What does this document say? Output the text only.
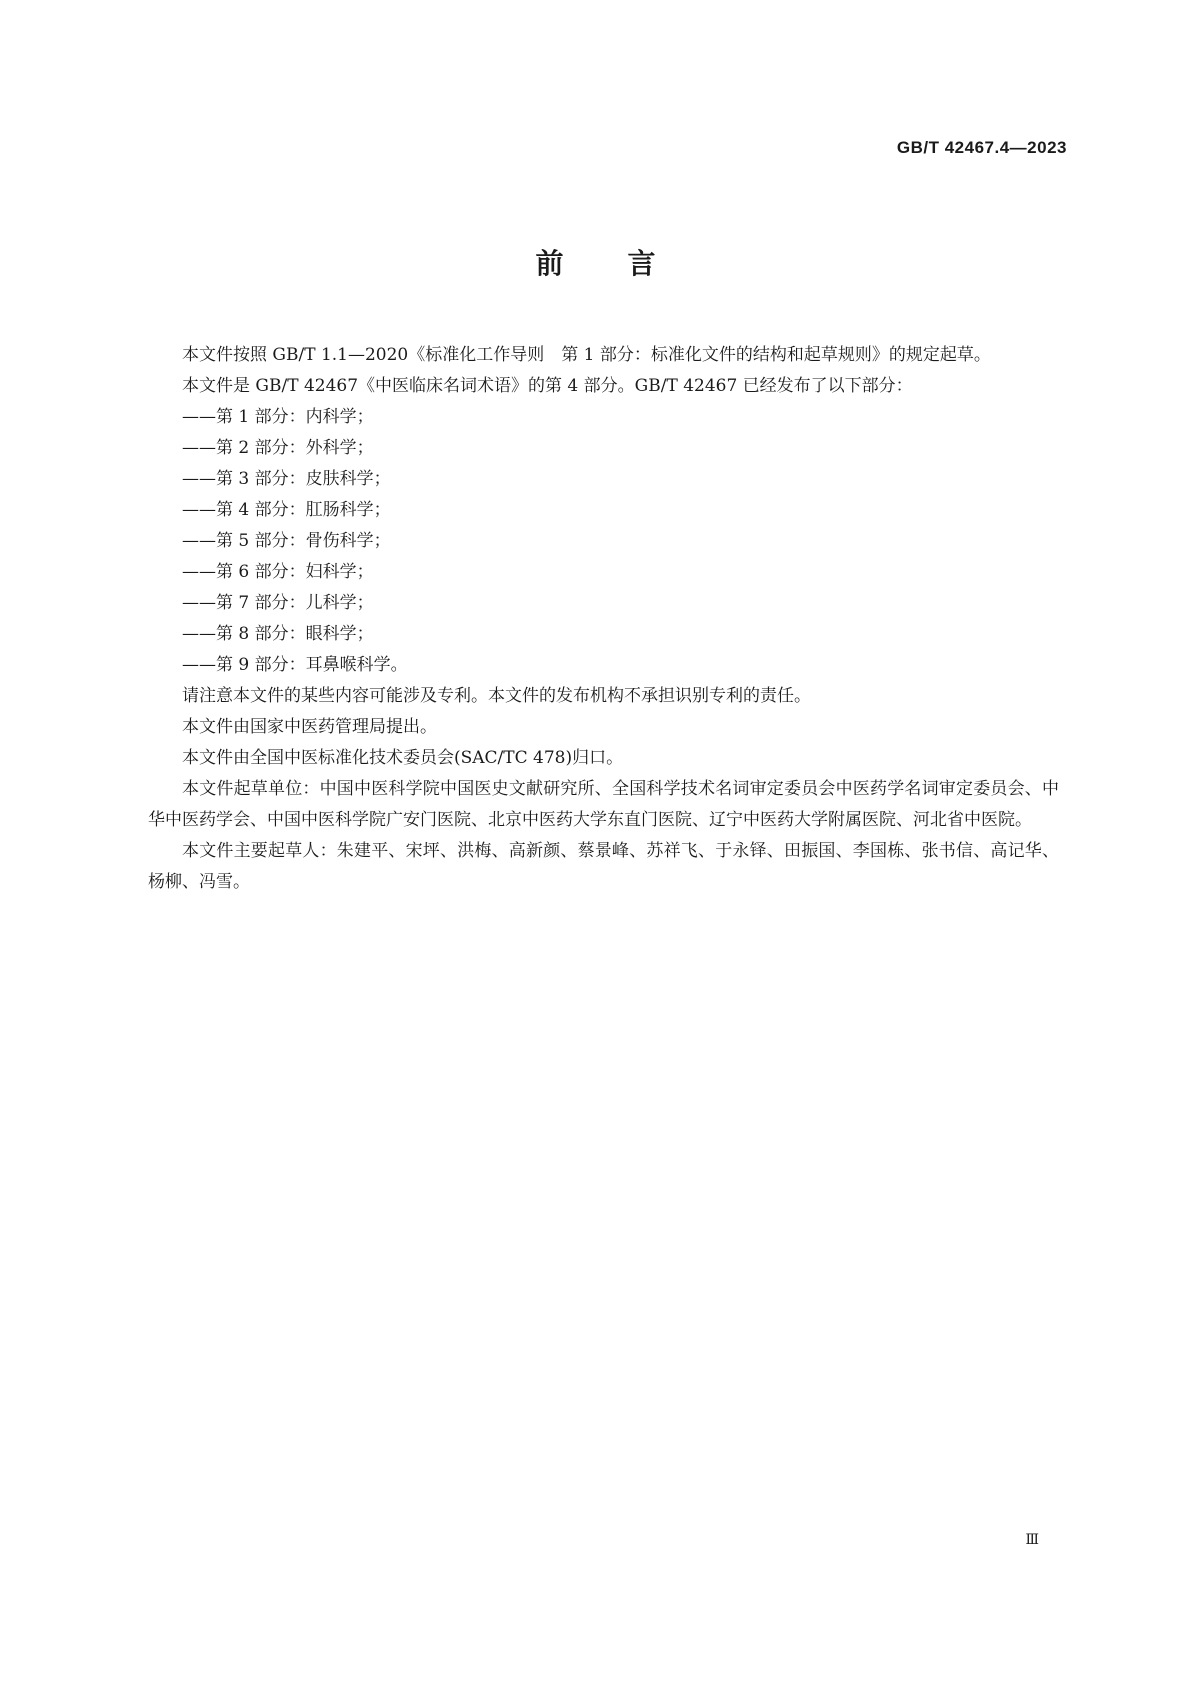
GB/T 42467.4—2023
前言

本文件按照 GB/T 1.1—2020《标准化工作导则　第 1 部分：标准化文件的结构和起草规则》的规定起草。

本文件是 GB/T 42467《中医临床名词术语》的第 4 部分。GB/T 42467 已经发布了以下部分：

——第 1 部分：内科学；

——第 2 部分：外科学；

——第 3 部分：皮肤科学；

——第 4 部分：肛肠科学；

——第 5 部分：骨伤科学；

——第 6 部分：妇科学；

——第 7 部分：儿科学；

——第 8 部分：眼科学；

——第 9 部分：耳鼻喉科学。

请注意本文件的某些内容可能涉及专利。本文件的发布机构不承担识别专利的责任。

本文件由国家中医药管理局提出。

本文件由全国中医标准化技术委员会(SAC/TC 478)归口。

本文件起草单位：中国中医科学院中国医史文献研究所、全国科学技术名词审定委员会中医药学名词审定委员会、中华中医药学会、中国中医科学院广安门医院、北京中医药大学东直门医院、辽宁中医药大学附属医院、河北省中医院。

本文件主要起草人：朱建平、宋坪、洪梅、高新颜、蔡景峰、苏祥飞、于永铎、田振国、李国栋、张书信、高记华、杨柳、冯雪。

Ⅲ
